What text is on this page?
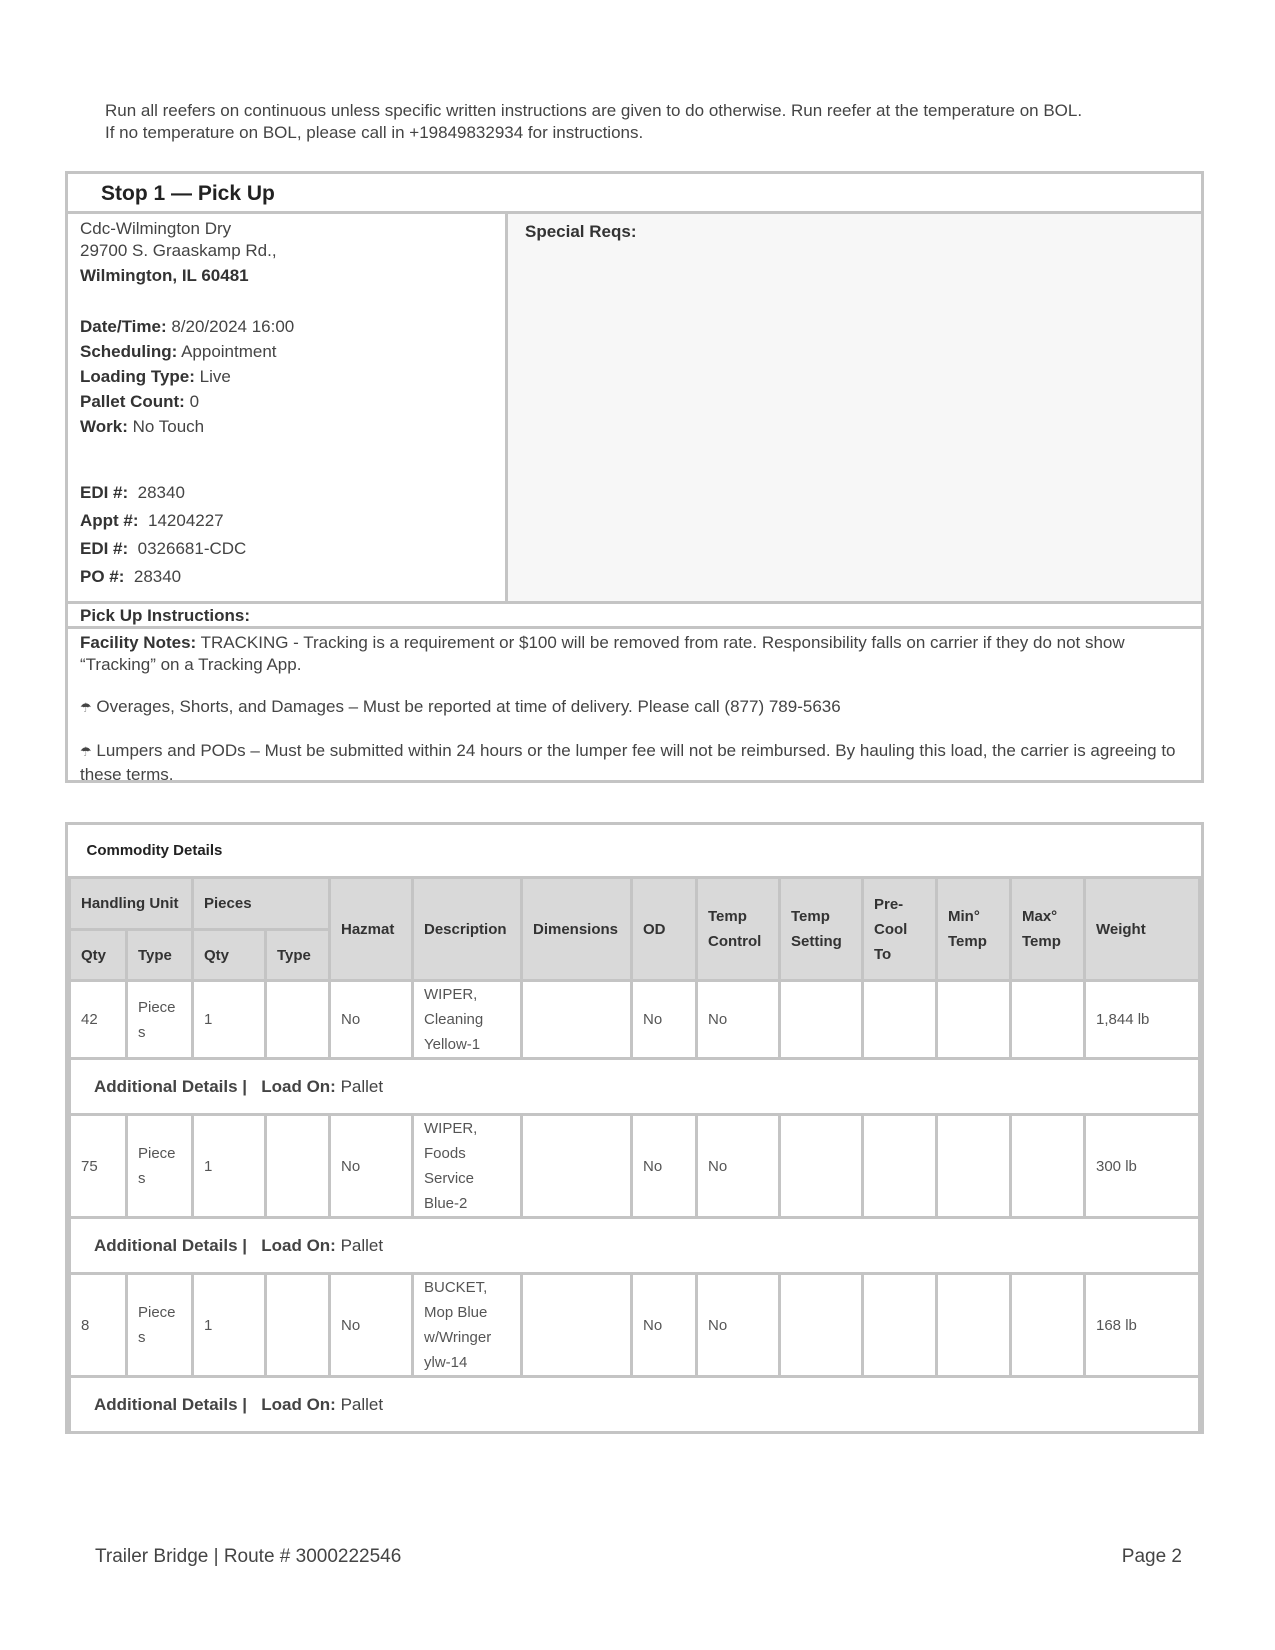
Run all reefers on continuous unless specific written instructions are given to do otherwise. Run reefer at the temperature on BOL.
If no temperature on BOL, please call in +19849832934 for instructions.
Stop 1 — Pick Up
Cdc-Wilmington Dry
29700 S. Graaskamp Rd.,
Wilmington, IL 60481
Date/Time: 8/20/2024 16:00
Scheduling: Appointment
Loading Type: Live
Pallet Count: 0
Work: No Touch
EDI #: 28340
Appt #: 14204227
EDI #: 0326681-CDC
PO #: 28340
Special Reqs:
Pick Up Instructions:

Facility Notes: TRACKING - Tracking is a requirement or $100 will be removed from rate. Responsibility falls on carrier if they do not show “Tracking” on a Tracking App.

☂ Overages, Shorts, and Damages – Must be reported at time of delivery. Please call (877) 789-5636

☂ Lumpers and PODs – Must be submitted within 24 hours or the lumper fee will not be reimbursed. By hauling this load, the carrier is agreeing to these terms.

Commodity Details													
Handling Unit		Pieces		Hazmat	Description	Dimensions	OD	Temp Control	Temp Setting	Pre-Cool To	Min° Temp	Max° Temp	Weight
Qty	Type	Qty	Type										
42	Pieces	1		No	WIPER, Cleaning Yellow-1		No	No					1,844 lb
Additional Details | Load On: Pallet													
75	Pieces	1		No	WIPER, Foods Service Blue-2		No	No					300 lb
Additional Details | Load On: Pallet													
8	Pieces	1		No	BUCKET, Mop Blue w/Wringer ylw-14		No	No					168 lb
Additional Details | Load On: Pallet													
Trailer Bridge | Route # 3000222546	Page 2
